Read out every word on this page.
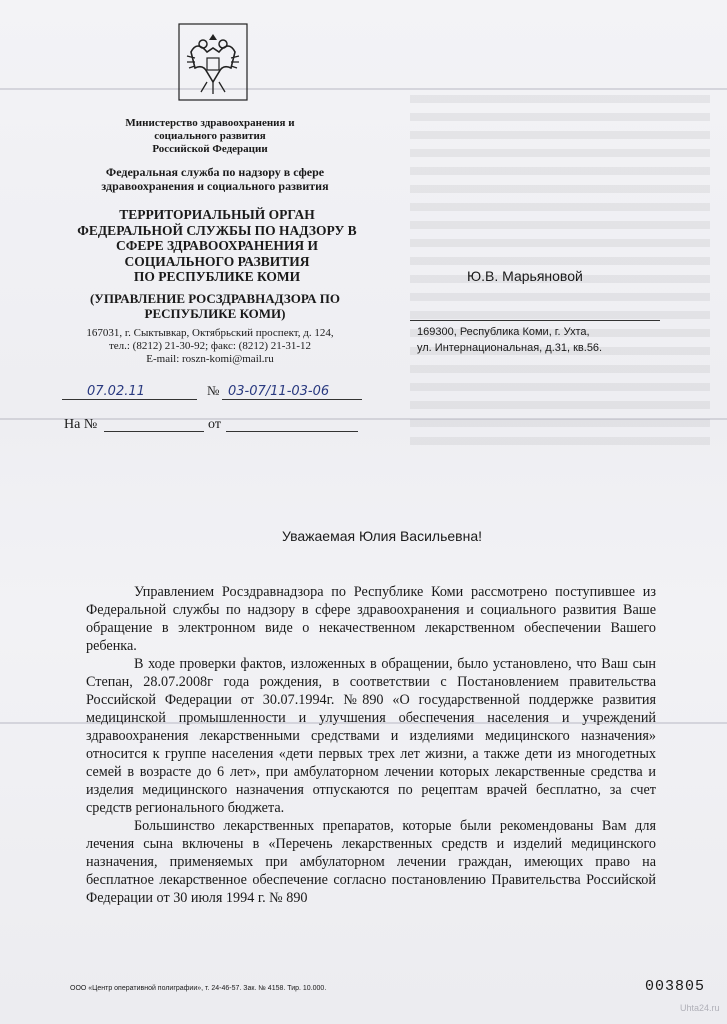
Министерство здравоохранения и
социального развития
Российской Федерации
Федеральная служба по надзору в сфере
здравоохранения и социального развития
ТЕРРИТОРИАЛЬНЫЙ ОРГАН
ФЕДЕРАЛЬНОЙ СЛУЖБЫ ПО НАДЗОРУ В
СФЕРЕ ЗДРАВООХРАНЕНИЯ И
СОЦИАЛЬНОГО РАЗВИТИЯ
ПО РЕСПУБЛИКЕ КОМИ
(УПРАВЛЕНИЕ РОСЗДРАВНАДЗОРА ПО
РЕСПУБЛИКЕ КОМИ)
167031, г. Сыктывкар, Октябрьский проспект, д. 124,
тел.: (8212) 21-30-92; факс: (8212) 21-31-12
E-mail: roszn-komi@mail.ru
Ю.В. Марьяновой
169300, Республика Коми, г. Ухта,
ул. Интернациональная, д.31, кв.56.
07.02.11	№ 03-07/11-03-06
На №	от
Уважаемая Юлия Васильевна!

Управлением Росздравнадзора по Республике Коми рассмотрено поступившее из Федеральной службы по надзору в сфере здравоохранения и социального развития Ваше обращение в электронном виде о некачественном лекарственном обеспечении Вашего ребенка.

В ходе проверки фактов, изложенных в обращении, было установлено, что Ваш сын Степан, 28.07.2008г года рождения, в соответствии с Постановлением правительства Российской Федерации от 30.07.1994г. №890 «О государственной поддержке развития медицинской промышленности и улучшения обеспечения населения и учреждений здравоохранения лекарственными средствами и изделиями медицинского назначения» относится к группе населения «дети первых трех лет жизни, а также дети из многодетных семей в возрасте до 6 лет», при амбулаторном лечении которых лекарственные средства и изделия медицинского назначения отпускаются по рецептам врачей бесплатно, за счет средств регионального бюджета.

Большинство лекарственных препаратов, которые были рекомендованы Вам для лечения сына включены в «Перечень лекарственных средств и изделий медицинского назначения, применяемых при амбулаторном лечении граждан, имеющих право на бесплатное лекарственное обеспечение согласно постановлению Правительства Российской Федерации от 30 июля 1994 г. № 890

ООО «Центр оперативной полиграфии», т. 24-46-57. Зак. № 4158. Тир. 10.000.	003805
Uhta24.ru
